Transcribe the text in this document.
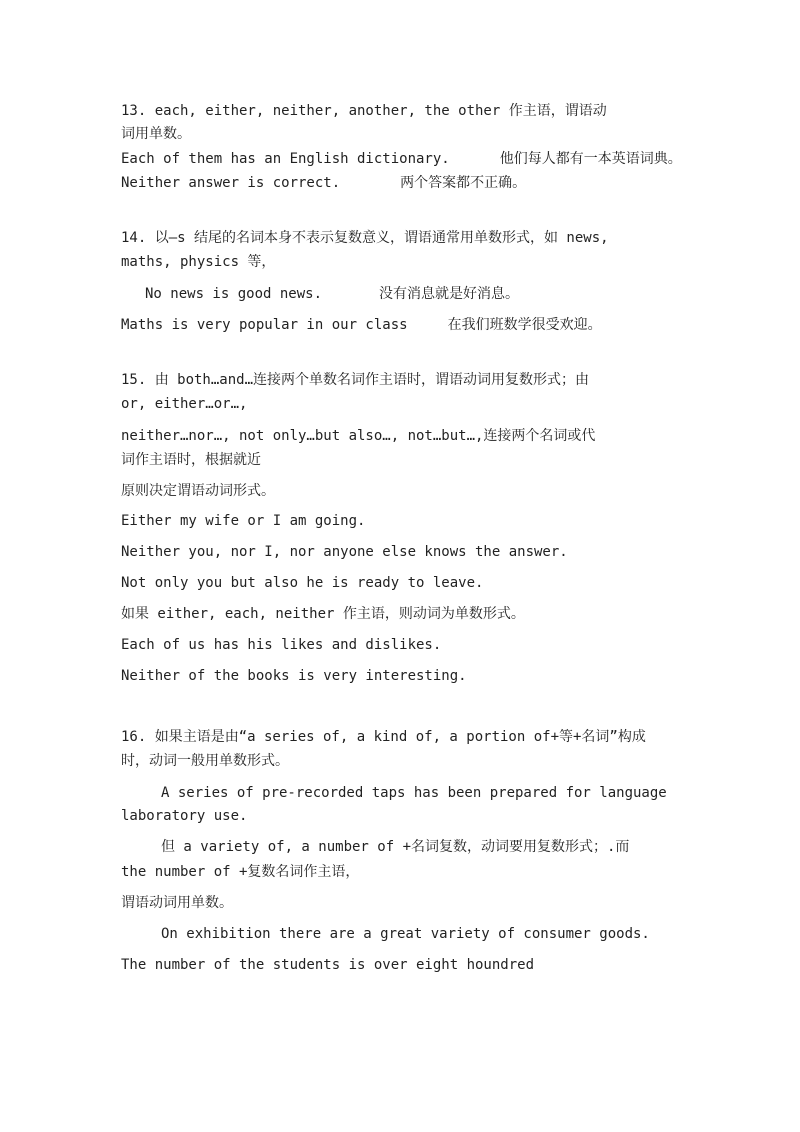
13. each, either, neither, another, the other 作主语，谓语动
词用单数。
Each of them has an English dictionary.	他们每人都有一本英语词典。
Neither answer is correct.	两个答案都不正确。
14. 以—s 结尾的名词本身不表示复数意义，谓语通常用单数形式，如 news,
maths, physics 等，
No news is good news.	没有消息就是好消息。
Maths is very popular in our class	在我们班数学很受欢迎。
15. 由 both…and…连接两个单数名词作主语时，谓语动词用复数形式；由
or, either…or…,
neither…nor…, not only…but also…, not…but…,连接两个名词或代
词作主语时，根据就近
原则决定谓语动词形式。
Either my wife or I am going.
Neither you, nor I, nor anyone else knows the answer.
Not only you but also he is ready to leave.
如果 either, each, neither 作主语，则动词为单数形式。
Each of us has his likes and dislikes.
Neither of the books is very interesting.
16. 如果主语是由“a series of, a kind of, a portion of+等+名词”构成
时，动词一般用单数形式。
A series of pre-recorded taps has been prepared for language
laboratory use.
但 a variety of, a number of +名词复数，动词要用复数形式；.而
the number of +复数名词作主语，
谓语动词用单数。
On exhibition there are a great variety of consumer goods.
The number of the students is over eight houndred
